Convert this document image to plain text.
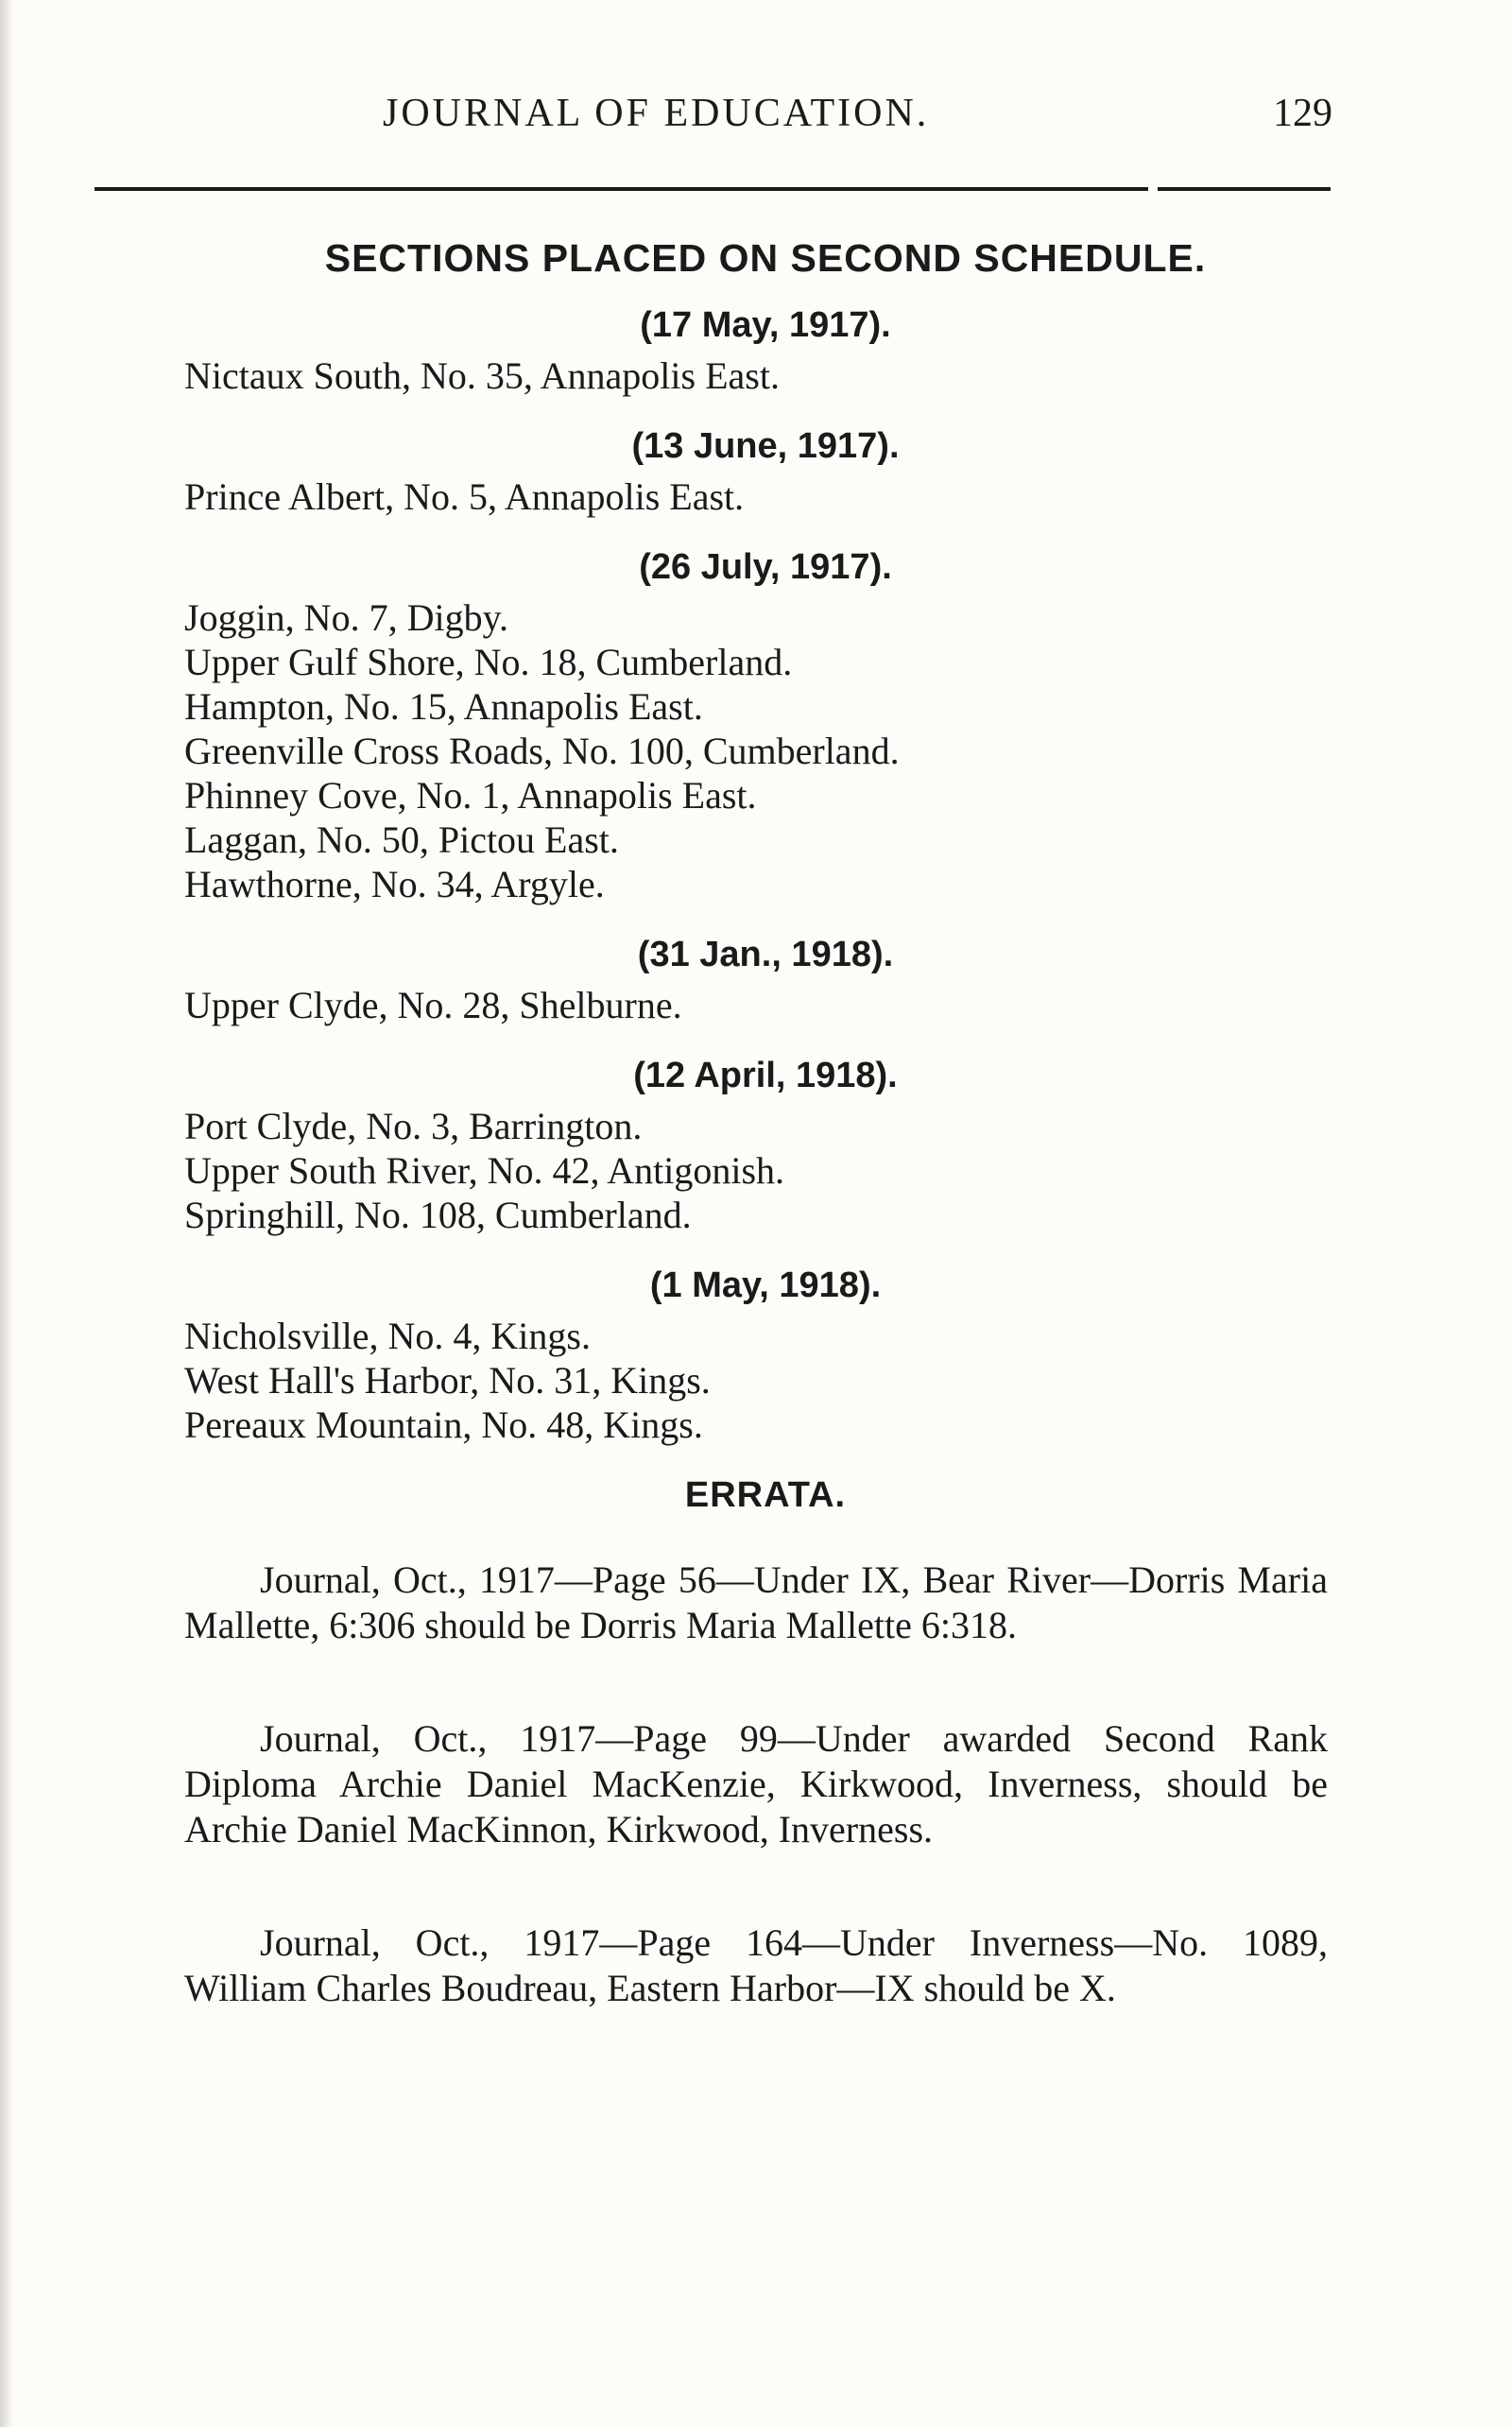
JOURNAL OF EDUCATION.	129
SECTIONS PLACED ON SECOND SCHEDULE.
(17 May, 1917).
Nictaux South, No. 35, Annapolis East.
(13 June, 1917).
Prince Albert, No. 5, Annapolis East.
(26 July, 1917).
Joggin, No. 7, Digby.
Upper Gulf Shore, No. 18, Cumberland.
Hampton, No. 15, Annapolis East.
Greenville Cross Roads, No. 100, Cumberland.
Phinney Cove, No. 1, Annapolis East.
Laggan, No. 50, Pictou East.
Hawthorne, No. 34, Argyle.
(31 Jan., 1918).
Upper Clyde, No. 28, Shelburne.
(12 April, 1918).
Port Clyde, No. 3, Barrington.
Upper South River, No. 42, Antigonish.
Springhill, No. 108, Cumberland.
(1 May, 1918).
Nicholsville, No. 4, Kings.
West Hall's Harbor, No. 31, Kings.
Pereaux Mountain, No. 48, Kings.
ERRATA.

Journal, Oct., 1917—Page 56—Under IX, Bear River—Dorris Maria Mallette, 6:306 should be Dorris Maria Mallette 6:318.

Journal, Oct., 1917—Page 99—Under awarded Second Rank Diploma Archie Daniel MacKenzie, Kirkwood, Inverness, should be Archie Daniel MacKinnon, Kirkwood, Inverness.

Journal, Oct., 1917—Page 164—Under Inverness—No. 1089, William Charles Boudreau, Eastern Harbor—IX should be X.
